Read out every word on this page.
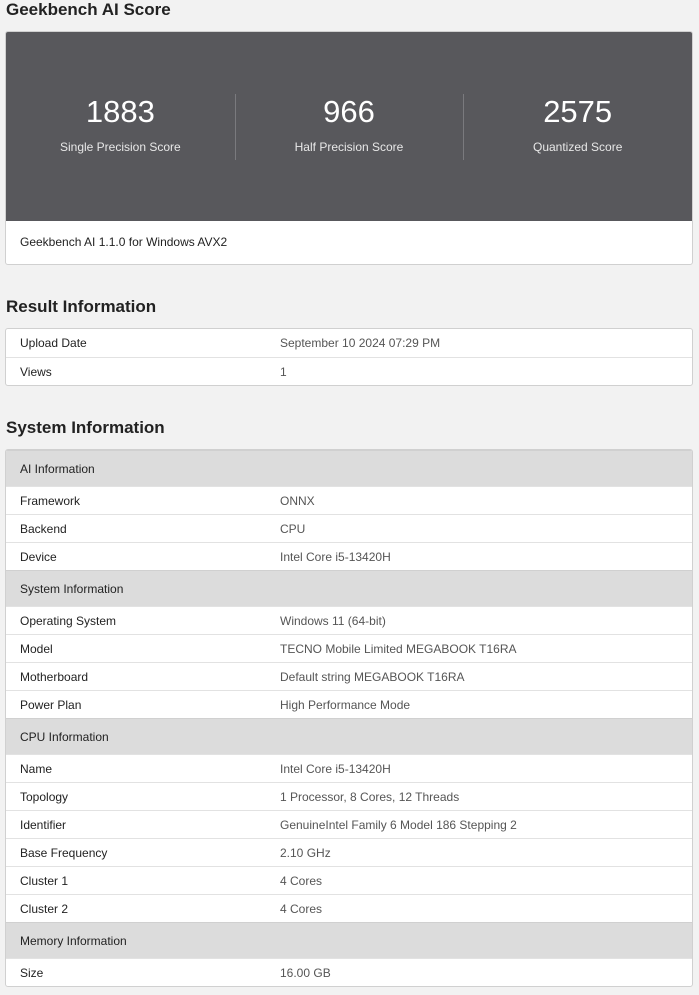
Geekbench AI Score
1883
Single Precision Score
966
Half Precision Score
2575
Quantized Score
Geekbench AI 1.1.0 for Windows AVX2
Result Information
Upload Date	September 10 2024 07:29 PM
Views	1
System Information
AI Information
Framework	ONNX
Backend	CPU
Device	Intel Core i5-13420H
System Information
Operating System	Windows 11 (64-bit)
Model	TECNO Mobile Limited MEGABOOK T16RA
Motherboard	Default string MEGABOOK T16RA
Power Plan	High Performance Mode
CPU Information
Name	Intel Core i5-13420H
Topology	1 Processor, 8 Cores, 12 Threads
Identifier	GenuineIntel Family 6 Model 186 Stepping 2
Base Frequency	2.10 GHz
Cluster 1	4 Cores
Cluster 2	4 Cores
Memory Information
Size	16.00 GB
